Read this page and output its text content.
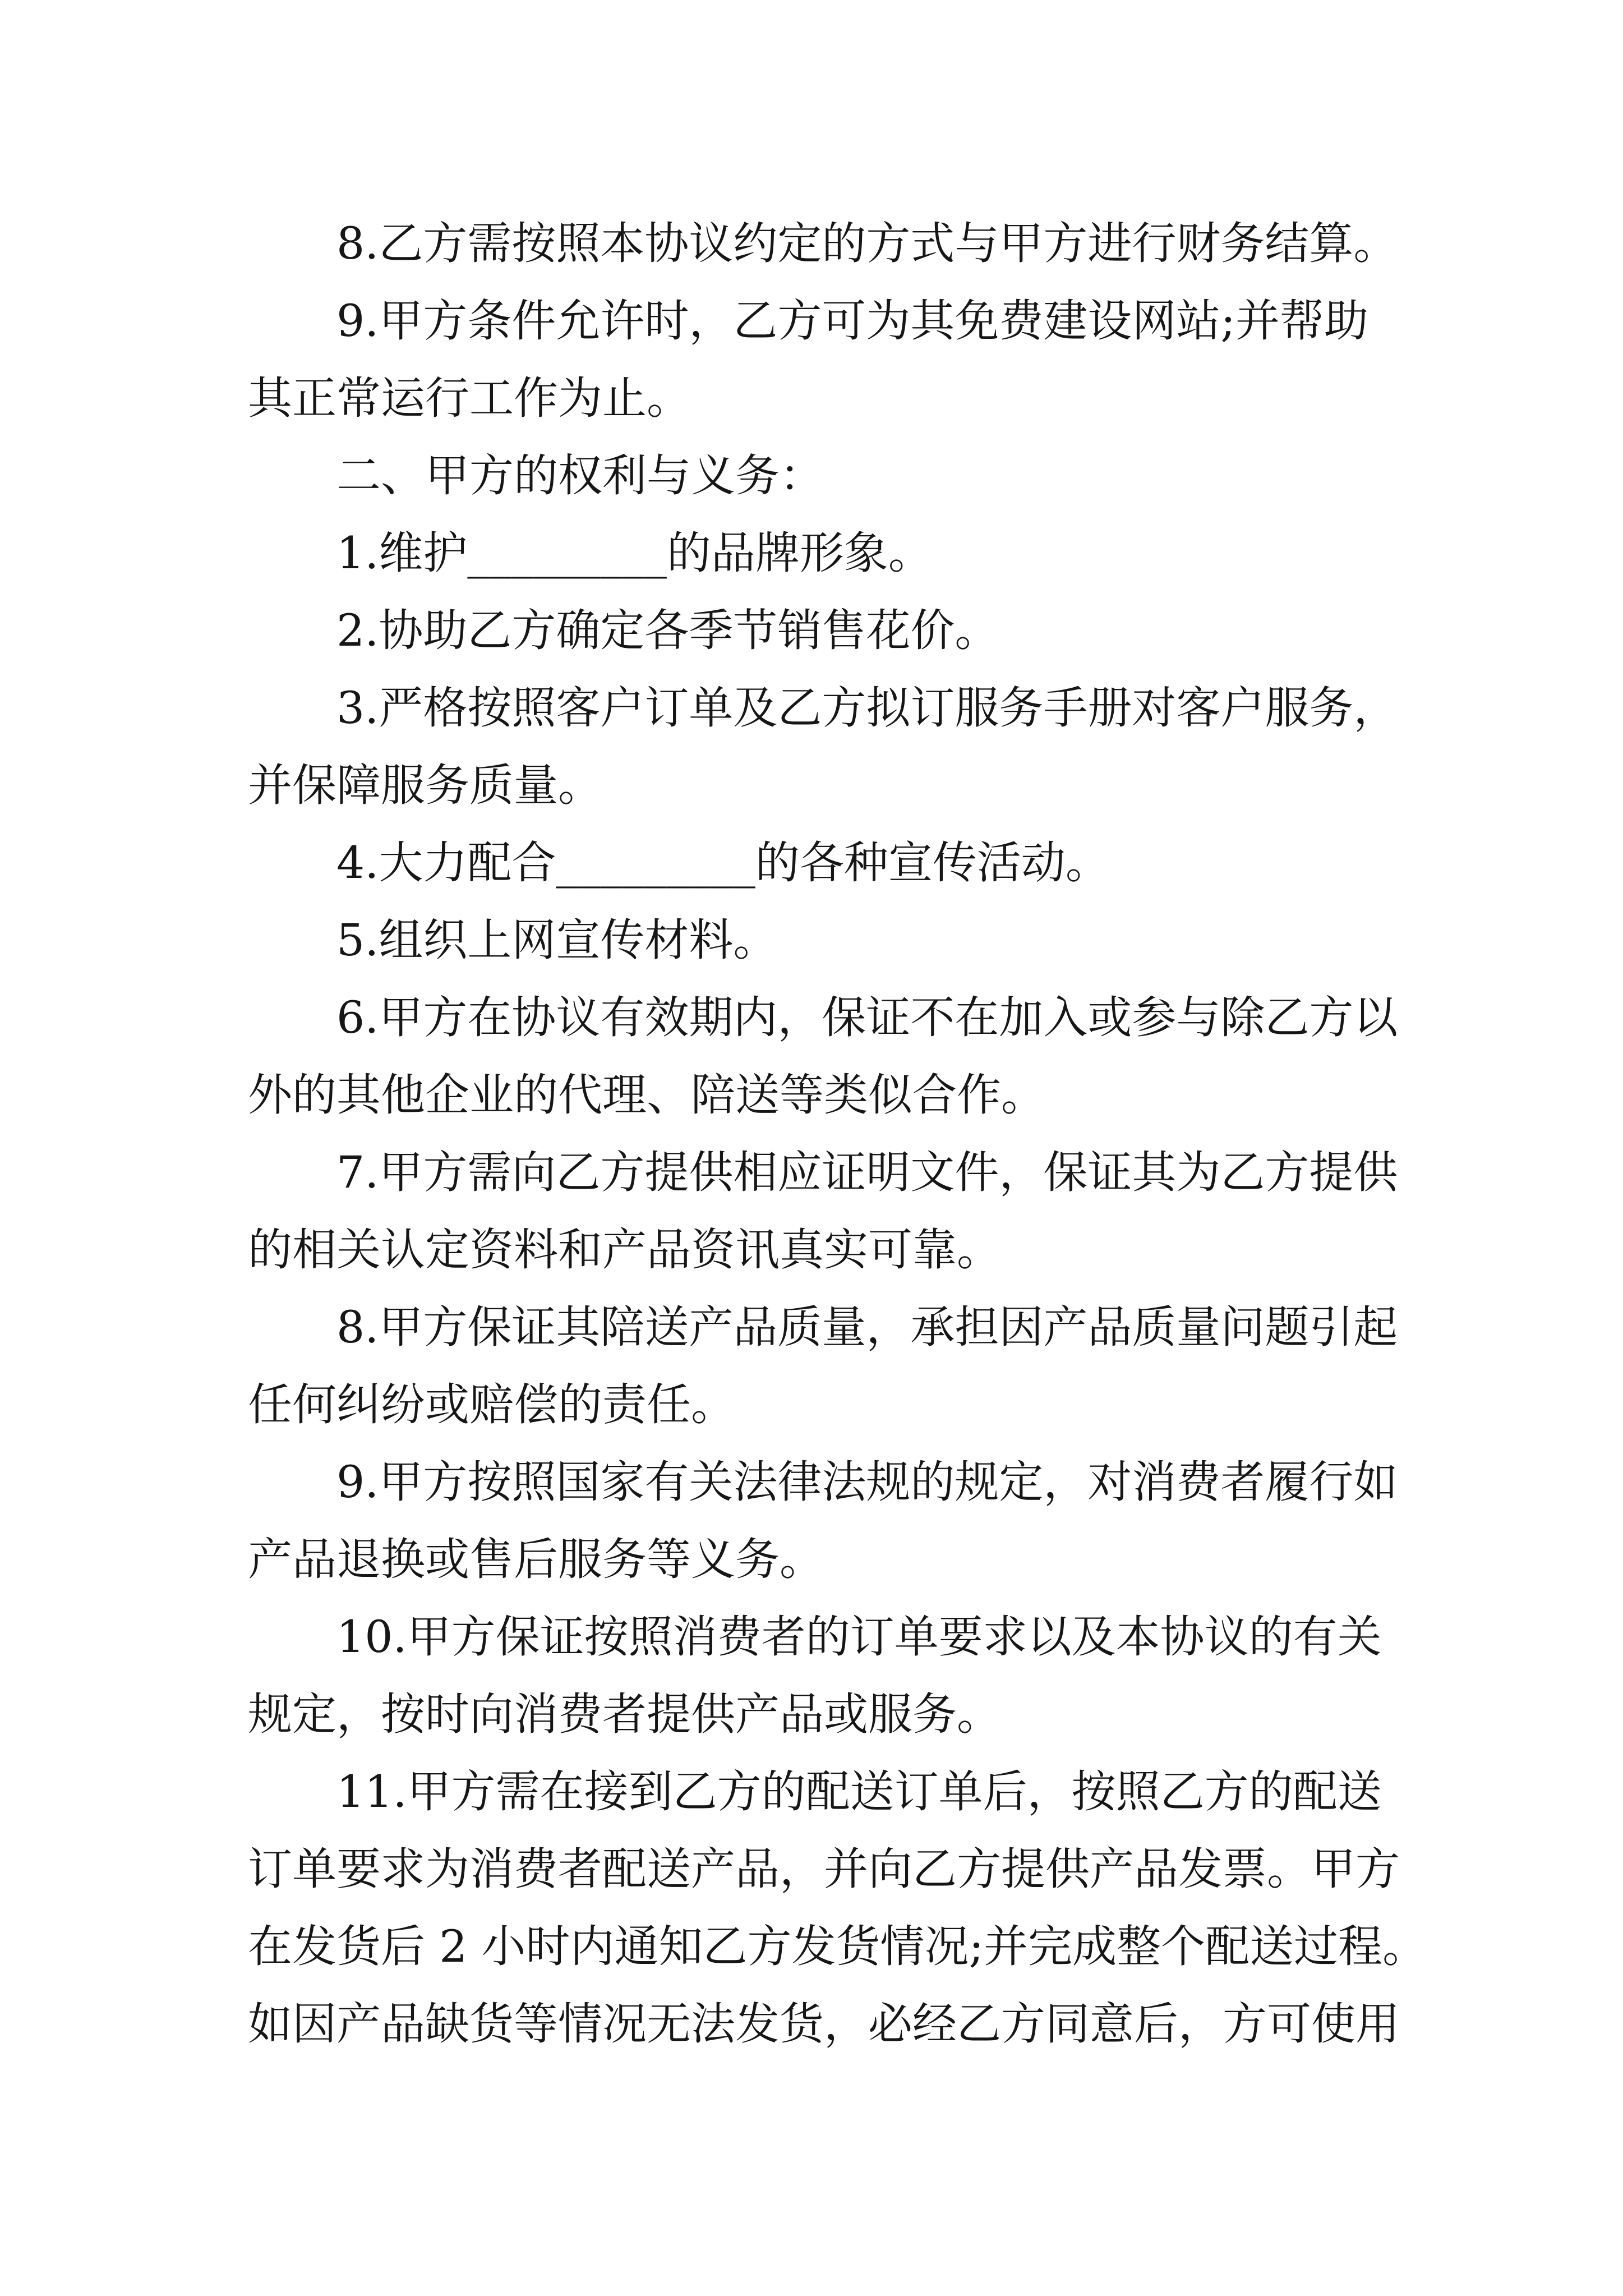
8.乙方需按照本协议约定的方式与甲方进行财务结算。
9.甲方条件允许时，乙方可为其免费建设网站;并帮助
其正常运行工作为止。
二、甲方的权利与义务：
1.维护_________的品牌形象。
2.协助乙方确定各季节销售花价。
3.严格按照客户订单及乙方拟订服务手册对客户服务，
并保障服务质量。
4.大力配合_________的各种宣传活动。
5.组织上网宣传材料。
6.甲方在协议有效期内，保证不在加入或参与除乙方以
外的其他企业的代理、陪送等类似合作。
7.甲方需向乙方提供相应证明文件，保证其为乙方提供
的相关认定资料和产品资讯真实可靠。
8.甲方保证其陪送产品质量，承担因产品质量问题引起
任何纠纷或赔偿的责任。
9.甲方按照国家有关法律法规的规定，对消费者履行如
产品退换或售后服务等义务。
10.甲方保证按照消费者的订单要求以及本协议的有关
规定，按时向消费者提供产品或服务。
11.甲方需在接到乙方的配送订单后，按照乙方的配送
订单要求为消费者配送产品，并向乙方提供产品发票。甲方
在发货后 2 小时内通知乙方发货情况;并完成整个配送过程。
如因产品缺货等情况无法发货，必经乙方同意后，方可使用
